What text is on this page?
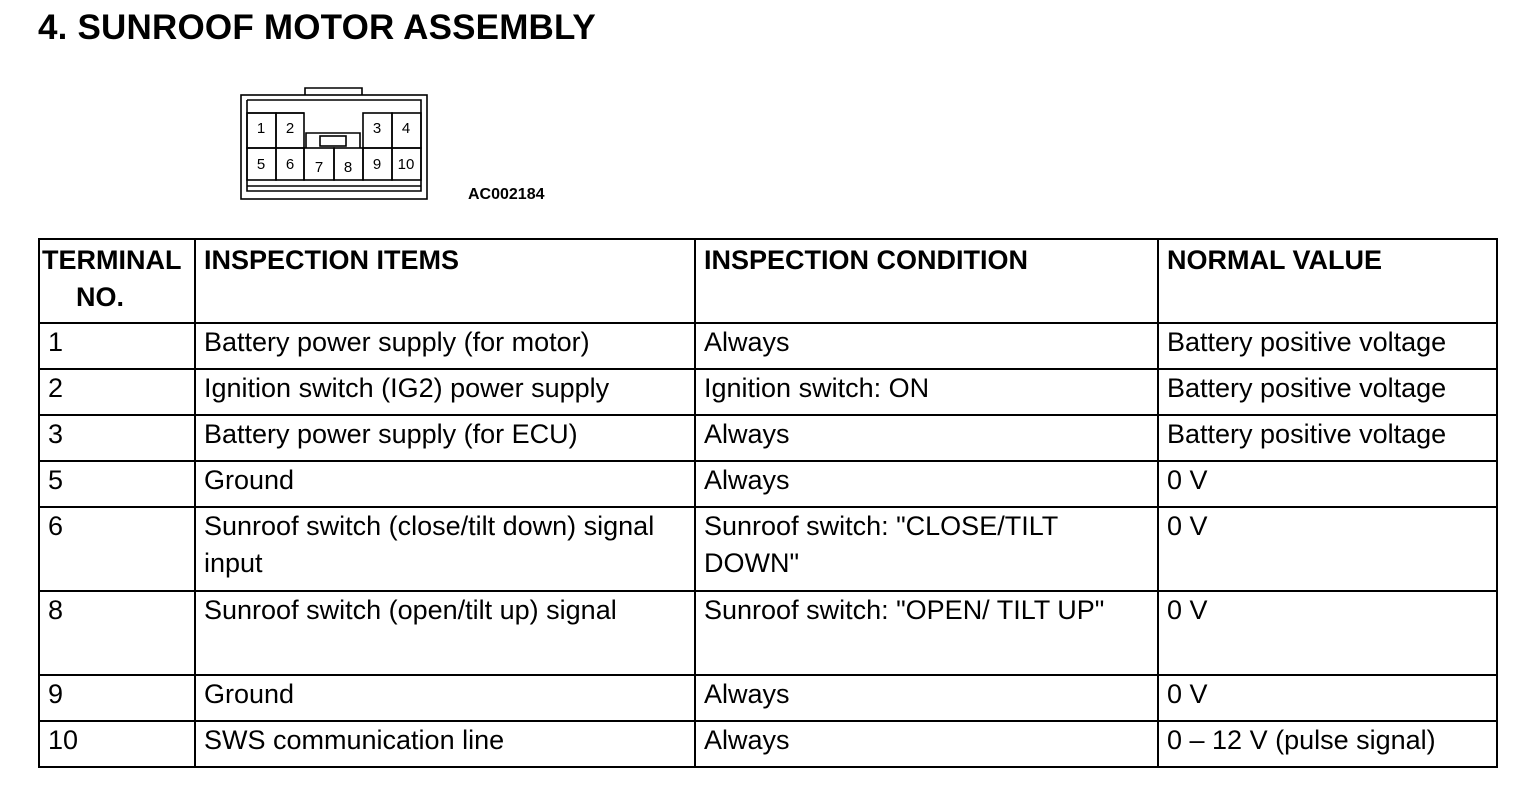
4. SUNROOF MOTOR ASSEMBLY
1 2	3 4
5 6 7 8 9 10
AC002184
TERMINAL
NO.	INSPECTION ITEMS	INSPECTION CONDITION	NORMAL VALUE
1	Battery power supply (for motor)	Always	Battery positive voltage
2	Ignition switch (IG2) power supply	Ignition switch: ON	Battery positive voltage
3	Battery power supply (for ECU)	Always	Battery positive voltage
5	Ground	Always	0 V
6	Sunroof switch (close/tilt down) signal input	Sunroof switch: "CLOSE/TILT DOWN"	0 V
8	Sunroof switch (open/tilt up) signal	Sunroof switch: "OPEN/ TILT UP"	0 V
9	Ground	Always	0 V
10	SWS communication line	Always	0 – 12 V (pulse signal)
